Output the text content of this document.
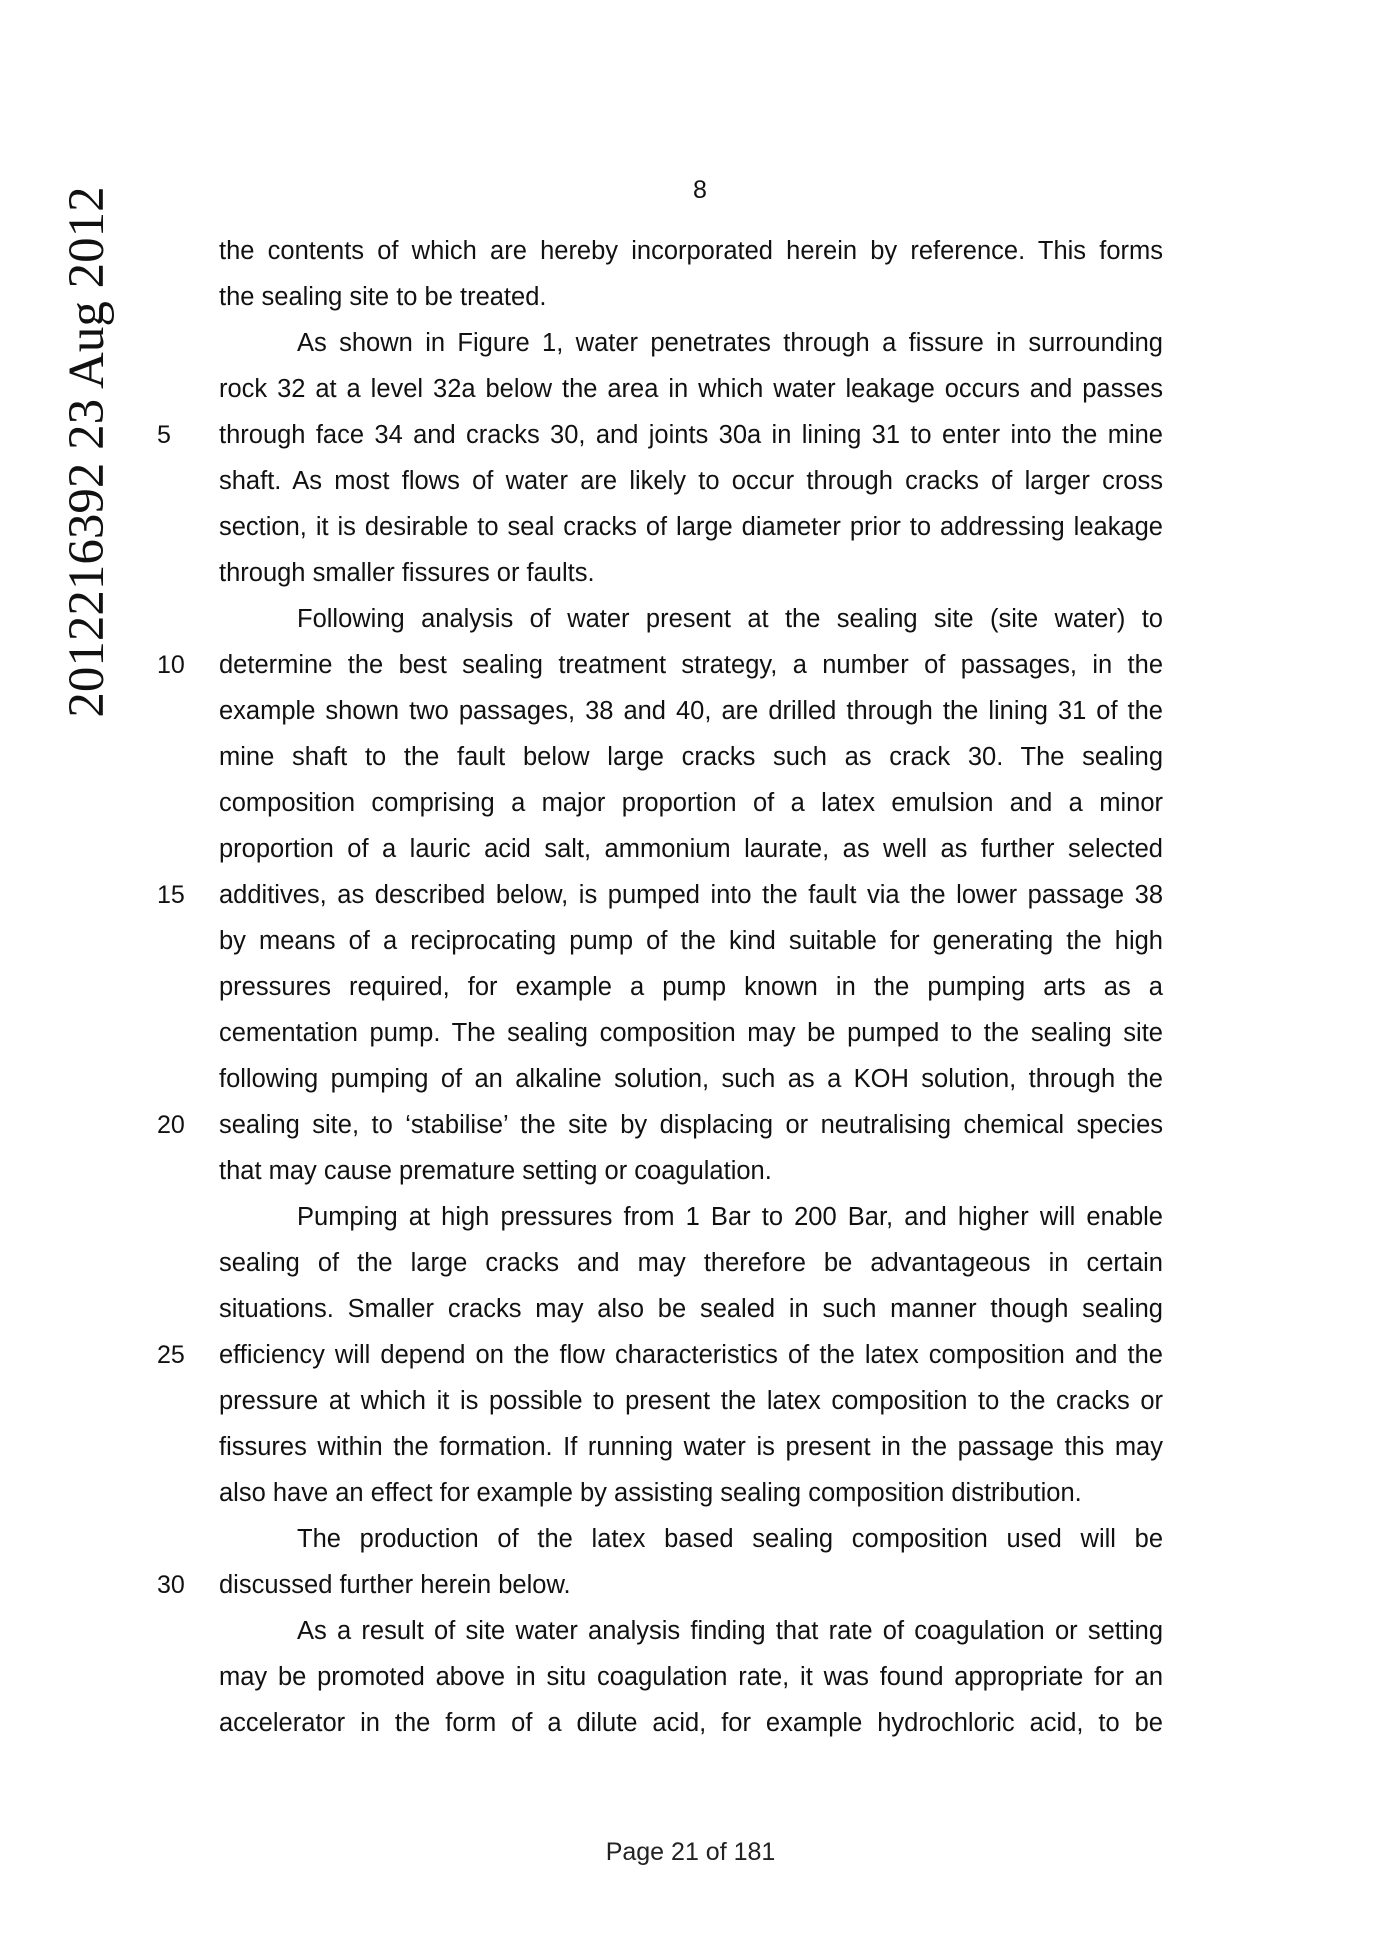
2012216392 23 Aug 2012	8
the contents of which are hereby incorporated herein by reference. This forms
the sealing site to be treated.
As shown in Figure 1, water penetrates through a fissure in surrounding
rock 32 at a level 32a below the area in which water leakage occurs and passes
5	through face 34 and cracks 30, and joints 30a in lining 31 to enter into the mine
shaft. As most flows of water are likely to occur through cracks of larger cross
section, it is desirable to seal cracks of large diameter prior to addressing leakage
through smaller fissures or faults.
Following analysis of water present at the sealing site (site water) to
10	determine the best sealing treatment strategy, a number of passages, in the
example shown two passages, 38 and 40, are drilled through the lining 31 of the
mine shaft to the fault below large cracks such as crack 30. The sealing
composition comprising a major proportion of a latex emulsion and a minor
proportion of a lauric acid salt, ammonium laurate, as well as further selected
15	additives, as described below, is pumped into the fault via the lower passage 38
by means of a reciprocating pump of the kind suitable for generating the high
pressures required, for example a pump known in the pumping arts as a
cementation pump. The sealing composition may be pumped to the sealing site
following pumping of an alkaline solution, such as a KOH solution, through the
20	sealing site, to ‘stabilise’ the site by displacing or neutralising chemical species
that may cause premature setting or coagulation.
Pumping at high pressures from 1 Bar to 200 Bar, and higher will enable
sealing of the large cracks and may therefore be advantageous in certain
situations. Smaller cracks may also be sealed in such manner though sealing
25	efficiency will depend on the flow characteristics of the latex composition and the
pressure at which it is possible to present the latex composition to the cracks or
fissures within the formation. If running water is present in the passage this may
also have an effect for example by assisting sealing composition distribution.
The production of the latex based sealing composition used will be
30	discussed further herein below.
As a result of site water analysis finding that rate of coagulation or setting
may be promoted above in situ coagulation rate, it was found appropriate for an
accelerator in the form of a dilute acid, for example hydrochloric acid, to be
Page 21 of 181
